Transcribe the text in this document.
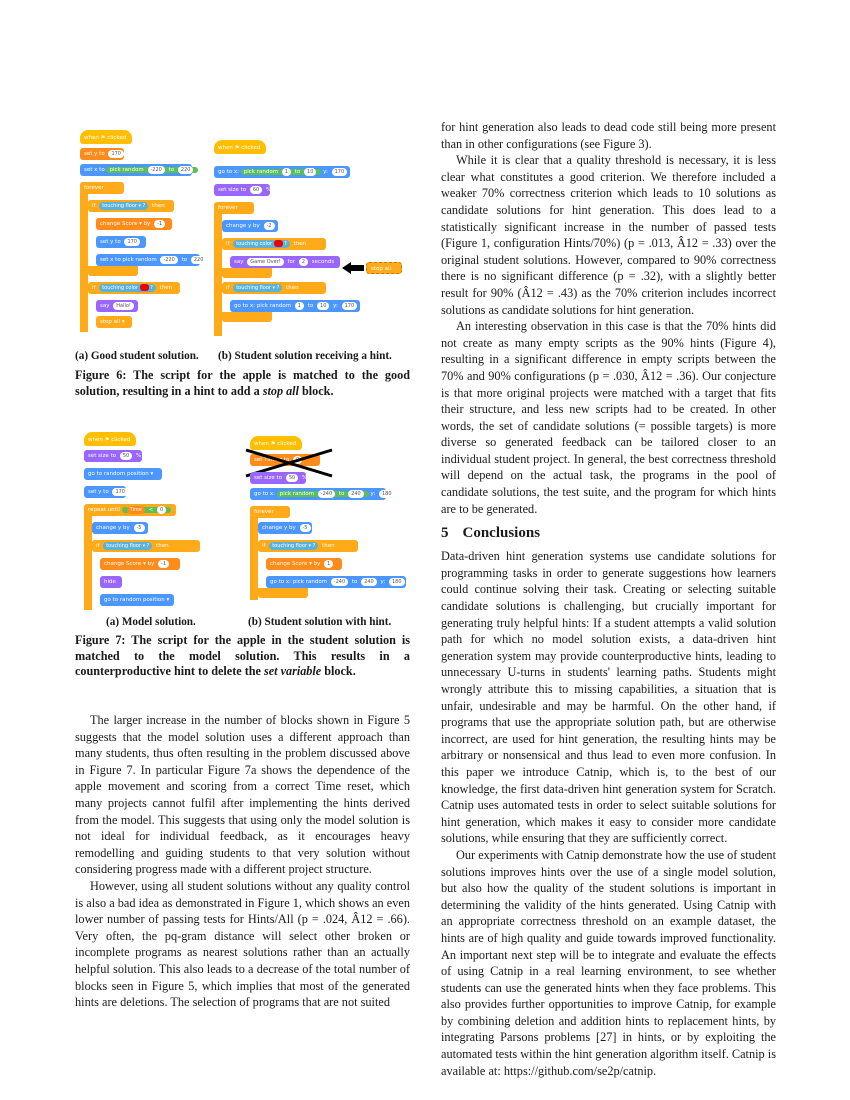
when ⚑ clicked
set y to 170
set x to pick random -220 to 220
forever
if touching floor ▾ ? then
change Score ▾ by -1
set y to 170
set x to pick random -220 to 220
if touching color  ? then
say Hallo!
stop all ▾
when ⚑ clicked
go to x: pick random 1 to 10 y: 170
set size to 60 %
forever
change y by -2
if touching color  ? then
say Game Over! for 2 seconds
if touching floor ▾ ? then
go to x: pick random 1 to 10 y: 170
stop all
(a) Good student solution. (b) Student solution receiving a hint.
Figure 6: The script for the apple is matched to the good solution, resulting in a hint to add a stop all block.
when ⚑ clicked
set size to 50 %
go to random position ▾
set y to 170
repeat until Time < 0
change y by -5
if touching floor ▾ ? then
change Score ▾ by -1
hide
go to random position ▾
when ⚑ clicked
set Time ▾ to
set size to 50 %
go to x: pick random -240 to 240 y: 180
forever
change y by -5
if touching floor ▾ ? then
change Score ▾ by 1
go to x: pick random -240 to 240 y: 180
(a) Model solution.	(b) Student solution with hint.
Figure 7: The script for the apple in the student solution is matched to the model solution. This results in a counterproductive hint to delete the set variable block.

The larger increase in the number of blocks shown in Figure 5 suggests that the model solution uses a different approach than many students, thus often resulting in the problem discussed above in Figure 7. In particular Figure 7a shows the dependence of the apple movement and scoring from a correct Time reset, which many projects cannot fulfil after implementing the hints derived from the model. This suggests that using only the model solution is not ideal for individual feedback, as it encourages heavy remodelling and guiding students to that very solution without considering progress made with a different project structure.

However, using all student solutions without any quality control is also a bad idea as demonstrated in Figure 1, which shows an even lower number of passing tests for Hints/All (p = .024, Â12 = .66). Very often, the pq-gram distance will select other broken or incomplete programs as nearest solutions rather than an actually helpful solution. This also leads to a decrease of the total number of blocks seen in Figure 5, which implies that most of the generated hints are deletions. The selection of programs that are not suited

for hint generation also leads to dead code still being more present than in other configurations (see Figure 3).

While it is clear that a quality threshold is necessary, it is less clear what constitutes a good criterion. We therefore included a weaker 70% correctness criterion which leads to 10 solutions as candidate solutions for hint generation. This does lead to a statistically significant increase in the number of passed tests (Figure 1, configuration Hints/70%) (p = .013, Â12 = .33) over the original student solutions. However, compared to 90% correctness there is no significant difference (p = .32), with a slightly better result for 90% (Â12 = .43) as the 70% criterion includes incorrect solutions as candidate solutions for hint generation.

An interesting observation in this case is that the 70% hints did not create as many empty scripts as the 90% hints (Figure 4), resulting in a significant difference in empty scripts between the 70% and 90% configurations (p = .030, Â12 = .36). Our conjecture is that more original projects were matched with a target that fits their structure, and less new scripts had to be created. In other words, the set of candidate solutions (= possible targets) is more diverse so generated feedback can be tailored closer to an individual student project. In general, the best correctness threshold will depend on the actual task, the programs in the pool of candidate solutions, the test suite, and the program for which hints are to be generated.

5 Conclusions

Data-driven hint generation systems use candidate solutions for programming tasks in order to generate suggestions how learners could continue solving their task. Creating or selecting suitable candidate solutions is challenging, but crucially important for generating truly helpful hints: If a student attempts a valid solution path for which no model solution exists, a data-driven hint generation system may provide counterproductive hints, leading to unnecessary U-turns in students' learning paths. Students might wrongly attribute this to missing capabilities, a situation that is unfair, undesirable and may be harmful. On the other hand, if programs that use the appropriate solution path, but are otherwise incorrect, are used for hint generation, the resulting hints may be arbitrary or nonsensical and thus lead to even more confusion. In this paper we introduce Catnip, which is, to the best of our knowledge, the first data-driven hint generation system for Scratch. Catnip uses automated tests in order to select suitable solutions for hint generation, which makes it easy to consider more candidate solutions, while ensuring that they are sufficiently correct.

Our experiments with Catnip demonstrate how the use of student solutions improves hints over the use of a single model solution, but also how the quality of the student solutions is important in determining the validity of the hints generated. Using Catnip with an appropriate correctness threshold on an example dataset, the hints are of high quality and guide towards improved functionality. An important next step will be to integrate and evaluate the effects of using Catnip in a real learning environment, to see whether students can use the generated hints when they face problems. This also provides further opportunities to improve Catnip, for example by combining deletion and addition hints to replacement hints, by integrating Parsons problems [27] in hints, or by exploiting the automated tests within the hint generation algorithm itself. Catnip is available at: https://github.com/se2p/catnip.
